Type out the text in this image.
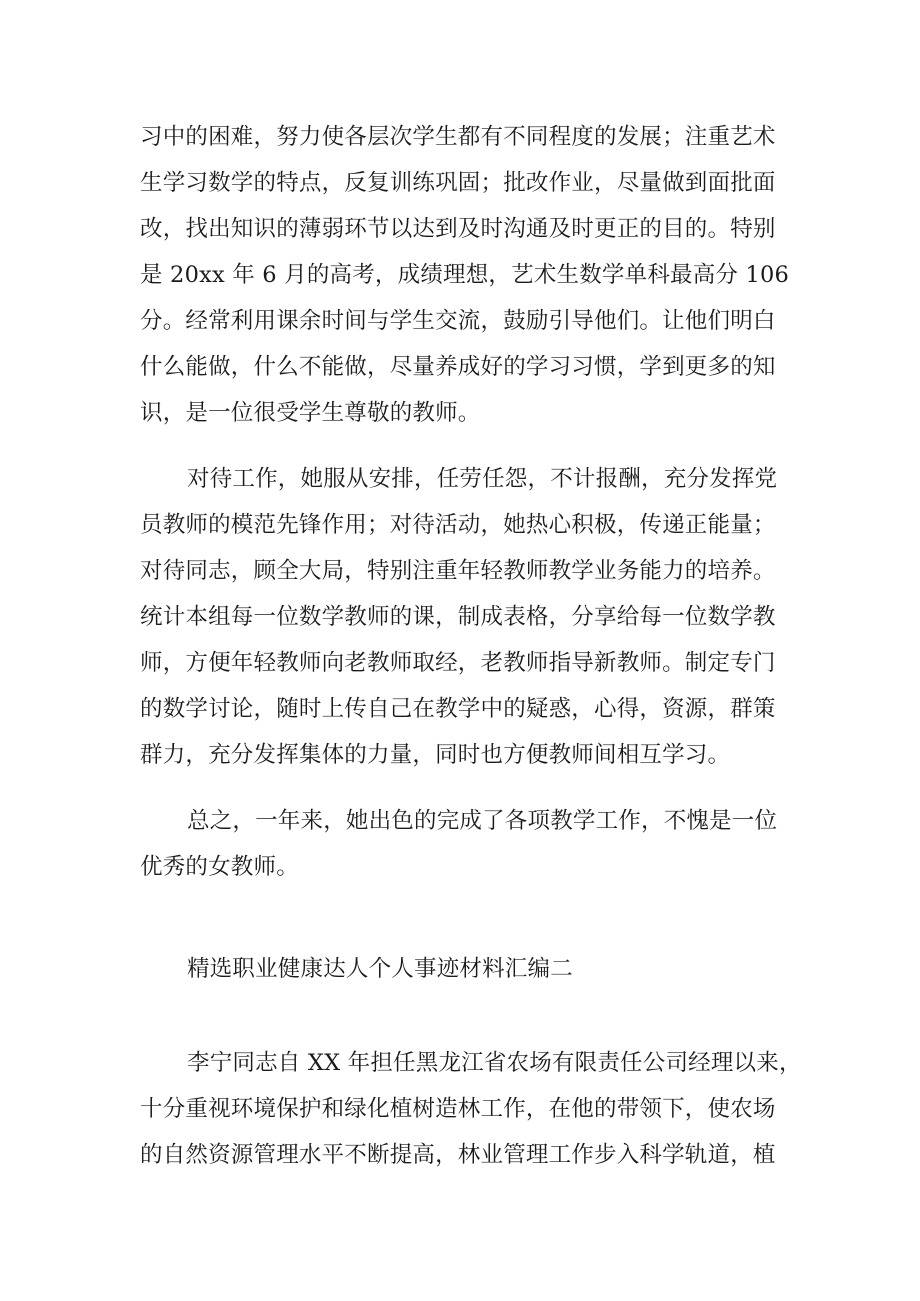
习中的困难，努力使各层次学生都有不同程度的发展；注重艺术
生学习数学的特点，反复训练巩固；批改作业，尽量做到面批面
改，找出知识的薄弱环节以达到及时沟通及时更正的目的。特别
是 20xx 年 6 月的高考，成绩理想，艺术生数学单科最高分 106
分。经常利用课余时间与学生交流，鼓励引导他们。让他们明白
什么能做，什么不能做，尽量养成好的学习习惯，学到更多的知
识，是一位很受学生尊敬的教师。
对待工作，她服从安排，任劳任怨，不计报酬，充分发挥党
员教师的模范先锋作用；对待活动，她热心积极，传递正能量；
对待同志，顾全大局，特别注重年轻教师教学业务能力的培养。
统计本组每一位数学教师的课，制成表格，分享给每一位数学教
师，方便年轻教师向老教师取经，老教师指导新教师。制定专门
的数学讨论，随时上传自己在教学中的疑惑，心得，资源，群策
群力，充分发挥集体的力量，同时也方便教师间相互学习。
总之，一年来，她出色的完成了各项教学工作，不愧是一位
优秀的女教师。
精选职业健康达人个人事迹材料汇编二
李宁同志自 XX 年担任黑龙江省农场有限责任公司经理以来，
十分重视环境保护和绿化植树造林工作，在他的带领下，使农场
的自然资源管理水平不断提高，林业管理工作步入科学轨道，植
